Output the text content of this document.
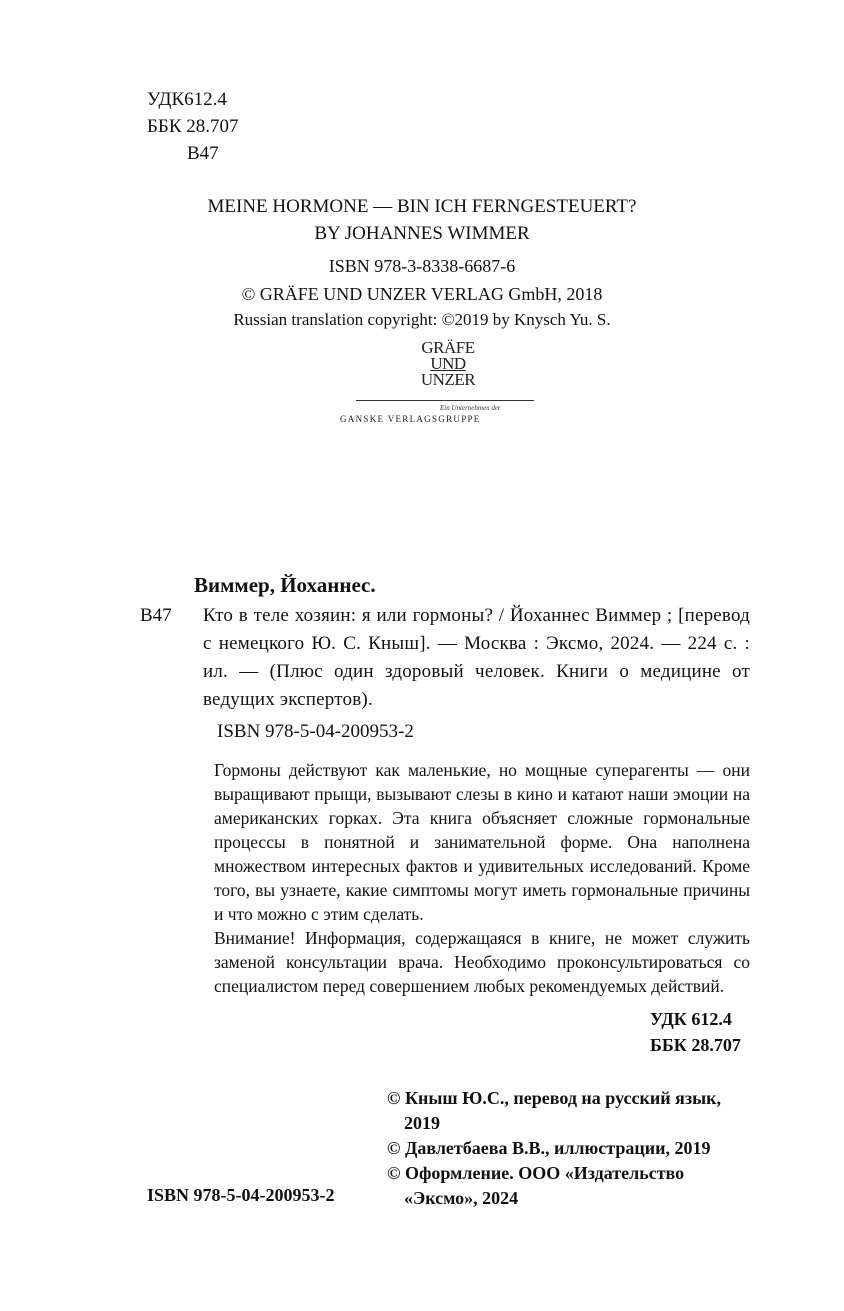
УДК612.4
ББК 28.707
В47
MEINE HORMONE — BIN ICH FERNGESTEUERT?
BY JOHANNES WIMMER
ISBN 978-3-8338-6687-6
© GRÄFE UND UNZER VERLAG GmbH, 2018
Russian translation copyright: ©2019 by Knysch Yu. S.
GRÄFE
UND
UNZER
Ein Unternehmen der
GANSKE VERLAGSGRUPPE
Виммер, Йоханнес.
В47 Кто в теле хозяин: я или гормоны? / Йоханнес Виммер ; [перевод с немецкого Ю. С. Кныш]. — Москва : Эксмо, 2024. — 224 с. : ил. — (Плюс один здоровый человек. Книги о медицине от ведущих экспертов).
ISBN 978-5-04-200953-2

Гормоны действуют как маленькие, но мощные суперагенты — они выращивают прыщи, вызывают слезы в кино и катают наши эмоции на американских горках. Эта книга объясняет сложные гормональные процессы в понятной и занимательной форме. Она наполнена множеством интересных фактов и удивительных исследований. Кроме того, вы узнаете, какие симптомы могут иметь гормональные причины и что можно с этим сделать.

Внимание! Информация, содержащаяся в книге, не может служить заменой консультации врача. Необходимо проконсультироваться со специалистом перед совершением любых рекомендуемых действий.

УДК 612.4
ББК 28.707
© Кныш Ю.С., перевод на русский язык,
2019
© Давлетбаева В.В., иллюстрации, 2019
© Оформление. ООО «Издательство
«Эксмо», 2024
ISBN 978-5-04-200953-2
